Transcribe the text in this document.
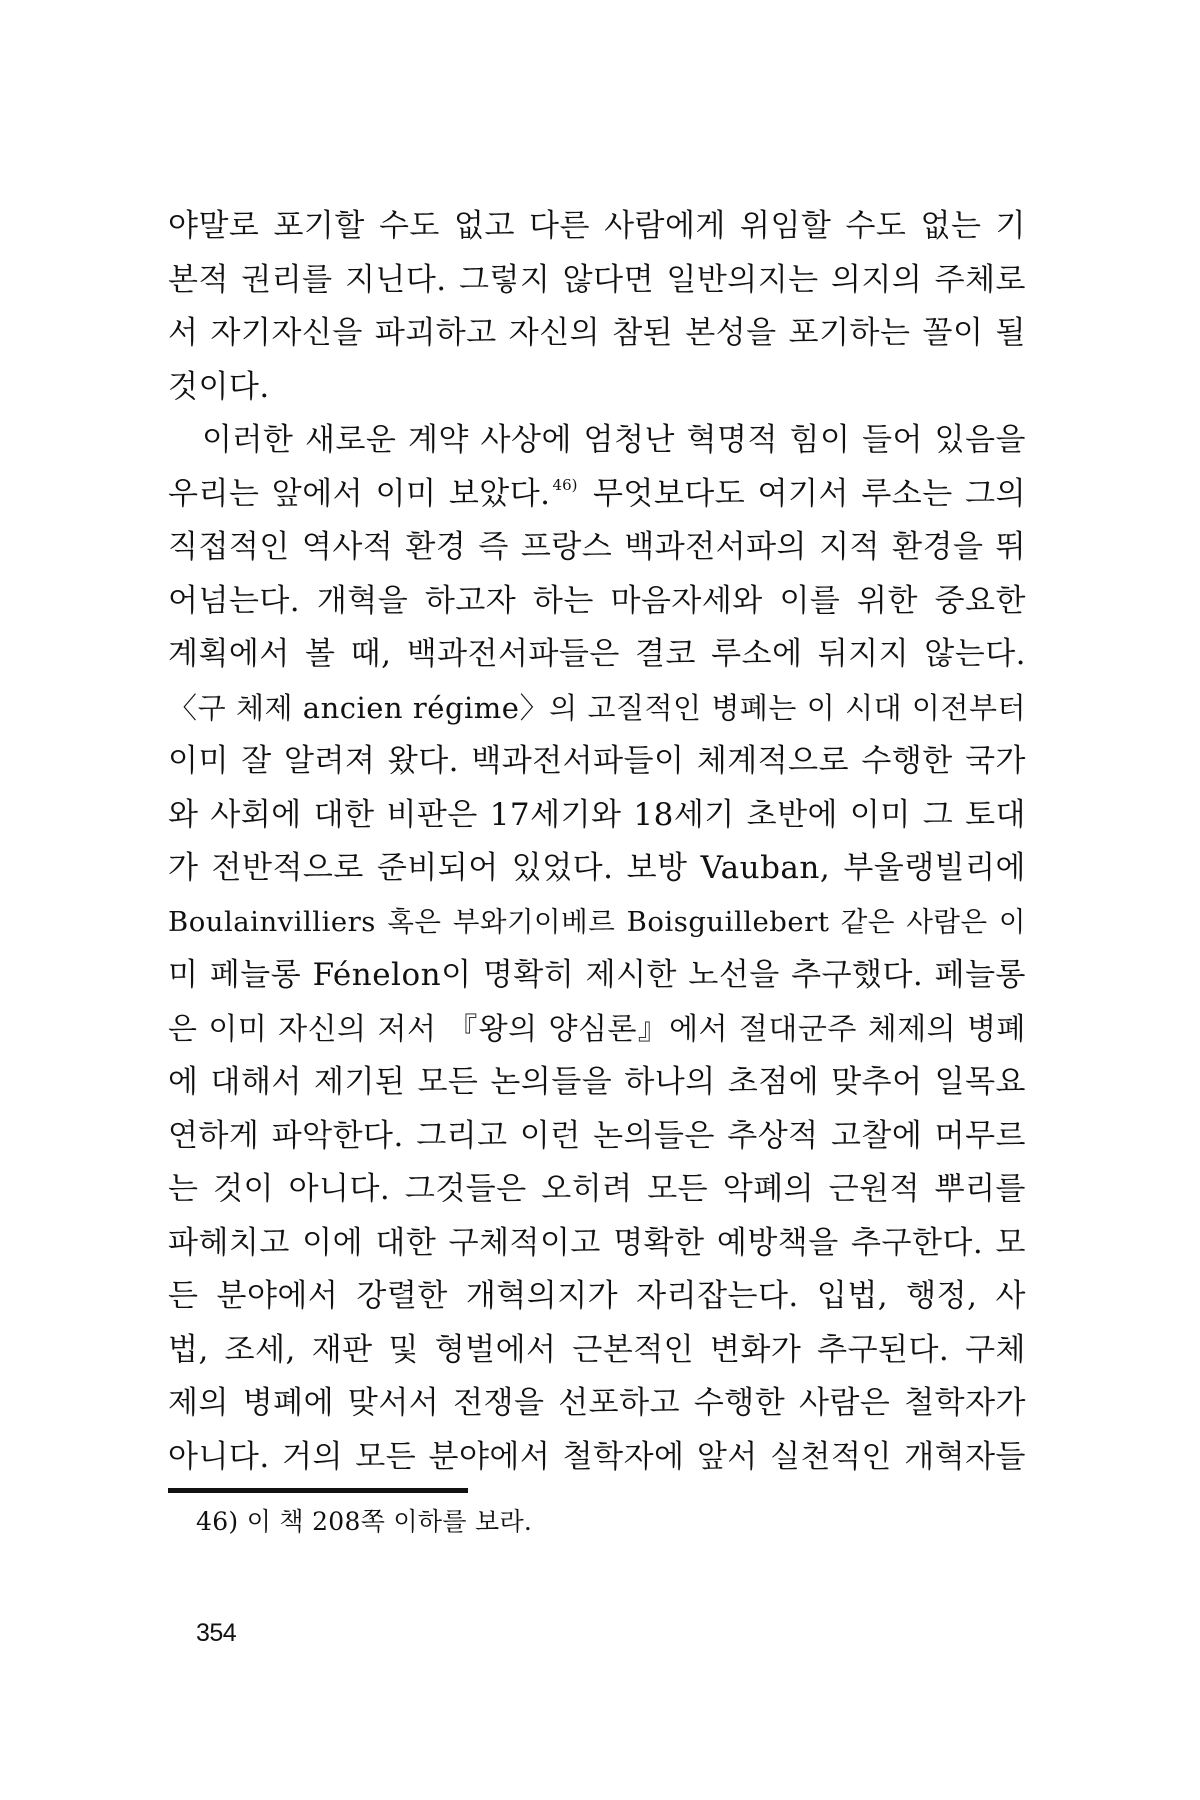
야말로 포기할 수도 없고 다른 사람에게 위임할 수도 없는 기
본적 권리를 지닌다. 그렇지 않다면 일반의지는 의지의 주체로
서 자기자신을 파괴하고 자신의 참된 본성을 포기하는 꼴이 될
것이다.
이러한 새로운 계약 사상에 엄청난 혁명적 힘이 들어 있음을
우리는 앞에서 이미 보았다. $^{46)}$ 무엇보다도 여기서 루소는 그의
직접적인 역사적 환경 즉 프랑스 백과전서파의 지적 환경을 뛰
어넘는다. 개혁을 하고자 하는 마음자세와 이를 위한 중요한
계획에서 볼 때, 백과전서파들은 결코 루소에 뒤지지 않는다.
〈구 체제 ancien régime〉의 고질적인 병폐는 이 시대 이전부터
이미 잘 알려져 왔다. 백과전서파들이 체계적으로 수행한 국가
와 사회에 대한 비판은 17세기와 18세기 초반에 이미 그 토대
가 전반적으로 준비되어 있었다. 보방 Vauban, 부울랭빌리에
Boulainvilliers 혹은 부와기이베르 Boisguillebert 같은 사람은 이
미 페늘롱 Fénelon이 명확히 제시한 노선을 추구했다. 페늘롱
은 이미 자신의 저서 『왕의 양심론』에서 절대군주 체제의 병폐
에 대해서 제기된 모든 논의들을 하나의 초점에 맞추어 일목요
연하게 파악한다. 그리고 이런 논의들은 추상적 고찰에 머무르
는 것이 아니다. 그것들은 오히려 모든 악폐의 근원적 뿌리를
파헤치고 이에 대한 구체적이고 명확한 예방책을 추구한다. 모
든 분야에서 강렬한 개혁의지가 자리잡는다. 입법, 행정, 사
법, 조세, 재판 및 형벌에서 근본적인 변화가 추구된다. 구체
제의 병폐에 맞서서 전쟁을 선포하고 수행한 사람은 철학자가
아니다. 거의 모든 분야에서 철학자에 앞서 실천적인 개혁자들
46) 이 책 208쪽 이하를 보라.
354
